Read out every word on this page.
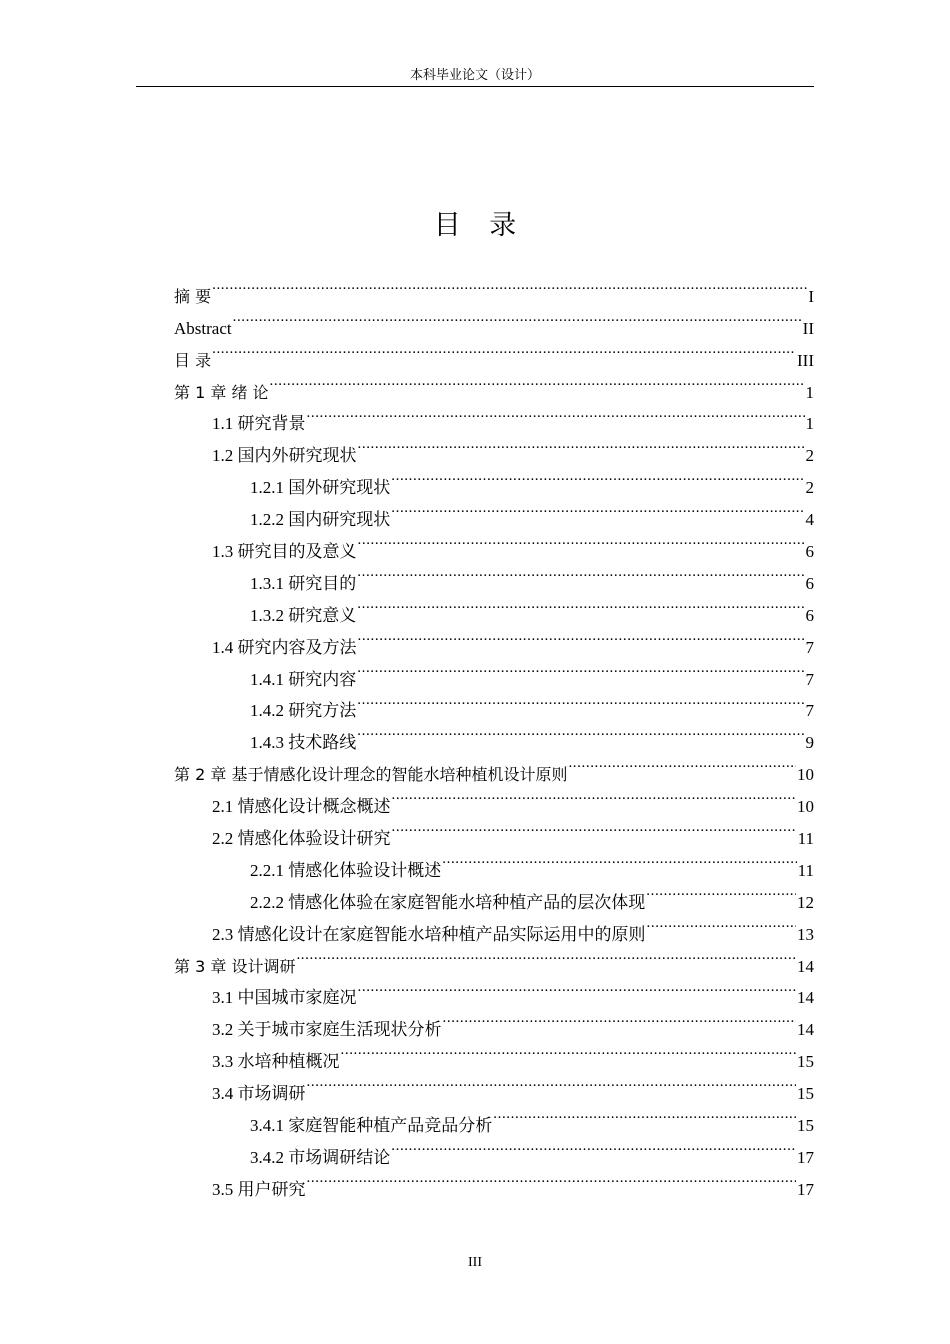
本科毕业论文（设计）
目 录
摘 要 .....	I
Abstract .....	II
目 录 .....	III
第 1 章 绪 论 .....	1
1.1 研究背景 .....	1
1.2 国内外研究现状 .....	2
1.2.1 国外研究现状 .....	2
1.2.2 国内研究现状 .....	4
1.3 研究目的及意义 .....	6
1.3.1 研究目的 .....	6
1.3.2 研究意义 .....	6
1.4 研究内容及方法 .....	7
1.4.1 研究内容 .....	7
1.4.2 研究方法 .....	7
1.4.3 技术路线 .....	9
第 2 章 基于情感化设计理念的智能水培种植机设计原则 .....	10
2.1 情感化设计概念概述 .....	10
2.2 情感化体验设计研究 .....	11
2.2.1 情感化体验设计概述 .....	11
2.2.2 情感化体验在家庭智能水培种植产品的层次体现 .....	12
2.3 情感化设计在家庭智能水培种植产品实际运用中的原则 .....	13
第 3 章 设计调研 .....	14
3.1 中国城市家庭况 .....	14
3.2 关于城市家庭生活现状分析 .....	14
3.3 水培种植概况 .....	15
3.4 市场调研 .....	15
3.4.1 家庭智能种植产品竞品分析 .....	15
3.4.2 市场调研结论 .....	17
3.5 用户研究 .....	17
III
